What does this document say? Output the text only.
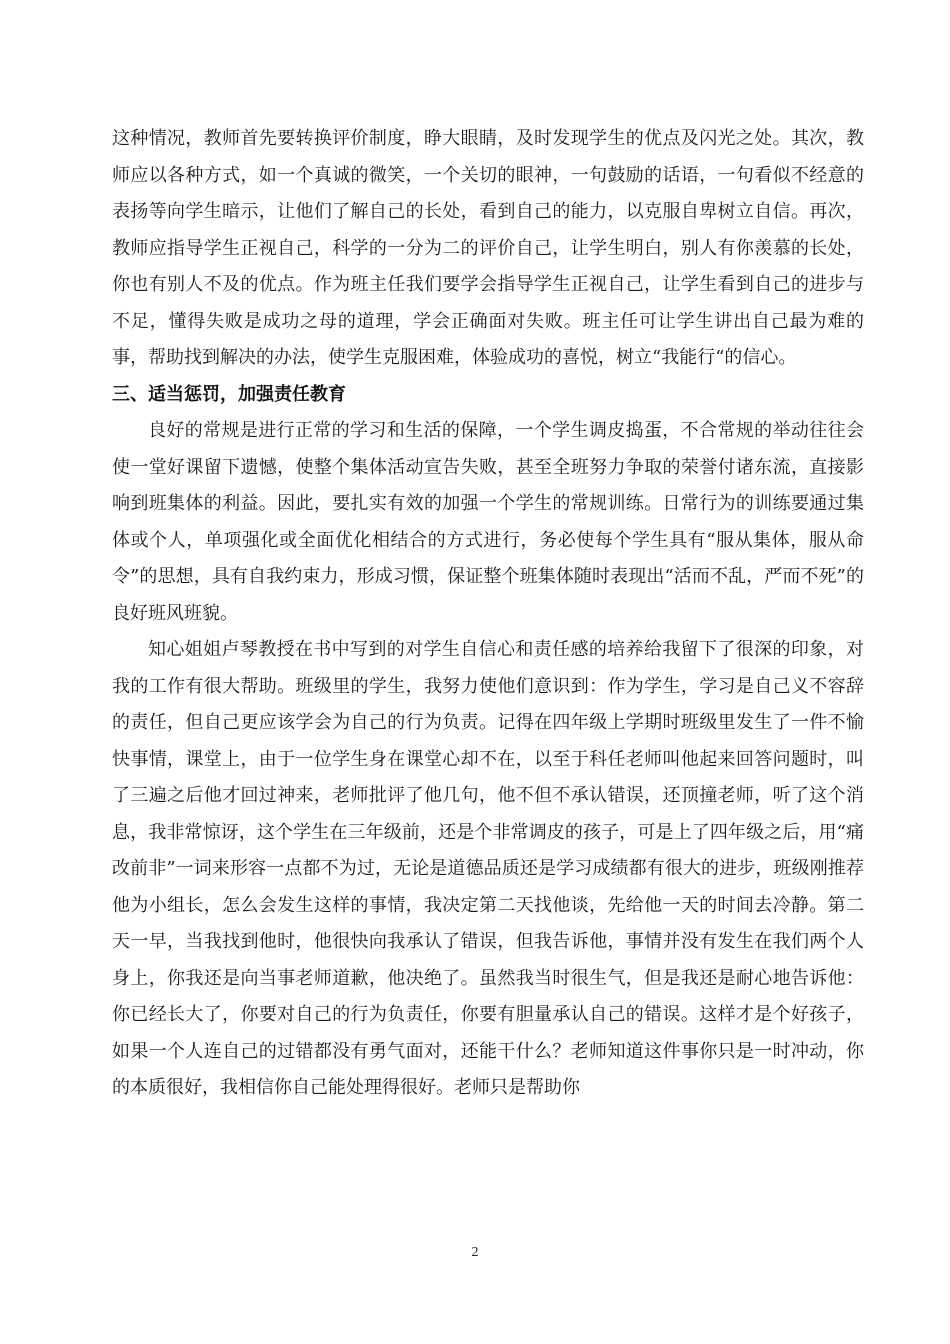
这种情况，教师首先要转换评价制度，睁大眼睛，及时发现学生的优点及闪光之处。其次，教师应以各种方式，如一个真诚的微笑，一个关切的眼神，一句鼓励的话语，一句看似不经意的表扬等向学生暗示，让他们了解自己的长处，看到自己的能力，以克服自卑树立自信。再次，教师应指导学生正视自己，科学的一分为二的评价自己，让学生明白，别人有你羡慕的长处，你也有别人不及的优点。作为班主任我们要学会指导学生正视自己，让学生看到自己的进步与不足，懂得失败是成功之母的道理，学会正确面对失败。班主任可让学生讲出自己最为难的事，帮助找到解决的办法，使学生克服困难，体验成功的喜悦，树立“我能行“的信心。

三、适当惩罚，加强责任教育

良好的常规是进行正常的学习和生活的保障，一个学生调皮捣蛋，不合常规的举动往往会使一堂好课留下遗憾，使整个集体活动宣告失败，甚至全班努力争取的荣誉付诸东流，直接影响到班集体的利益。因此，要扎实有效的加强一个学生的常规训练。日常行为的训练要通过集体或个人，单项强化或全面优化相结合的方式进行，务必使每个学生具有“服从集体，服从命令”的思想，具有自我约束力，形成习惯，保证整个班集体随时表现出“活而不乱，严而不死”的良好班风班貌。

知心姐姐卢琴教授在书中写到的对学生自信心和责任感的培养给我留下了很深的印象，对我的工作有很大帮助。班级里的学生，我努力使他们意识到：作为学生，学习是自己义不容辞的责任，但自己更应该学会为自己的行为负责。记得在四年级上学期时班级里发生了一件不愉快事情，课堂上，由于一位学生身在课堂心却不在，以至于科任老师叫他起来回答问题时，叫了三遍之后他才回过神来，老师批评了他几句，他不但不承认错误，还顶撞老师，听了这个消息，我非常惊讶，这个学生在三年级前，还是个非常调皮的孩子，可是上了四年级之后，用“痛改前非”一词来形容一点都不为过，无论是道德品质还是学习成绩都有很大的进步，班级刚推荐他为小组长，怎么会发生这样的事情，我决定第二天找他谈，先给他一天的时间去冷静。第二天一早，当我找到他时，他很快向我承认了错误，但我告诉他，事情并没有发生在我们两个人身上，你我还是向当事老师道歉，他决绝了。虽然我当时很生气，但是我还是耐心地告诉他：你已经长大了，你要对自己的行为负责任，你要有胆量承认自己的错误。这样才是个好孩子，如果一个人连自己的过错都没有勇气面对，还能干什么？老师知道这件事你只是一时冲动，你的本质很好，我相信你自己能处理得很好。老师只是帮助你

2
